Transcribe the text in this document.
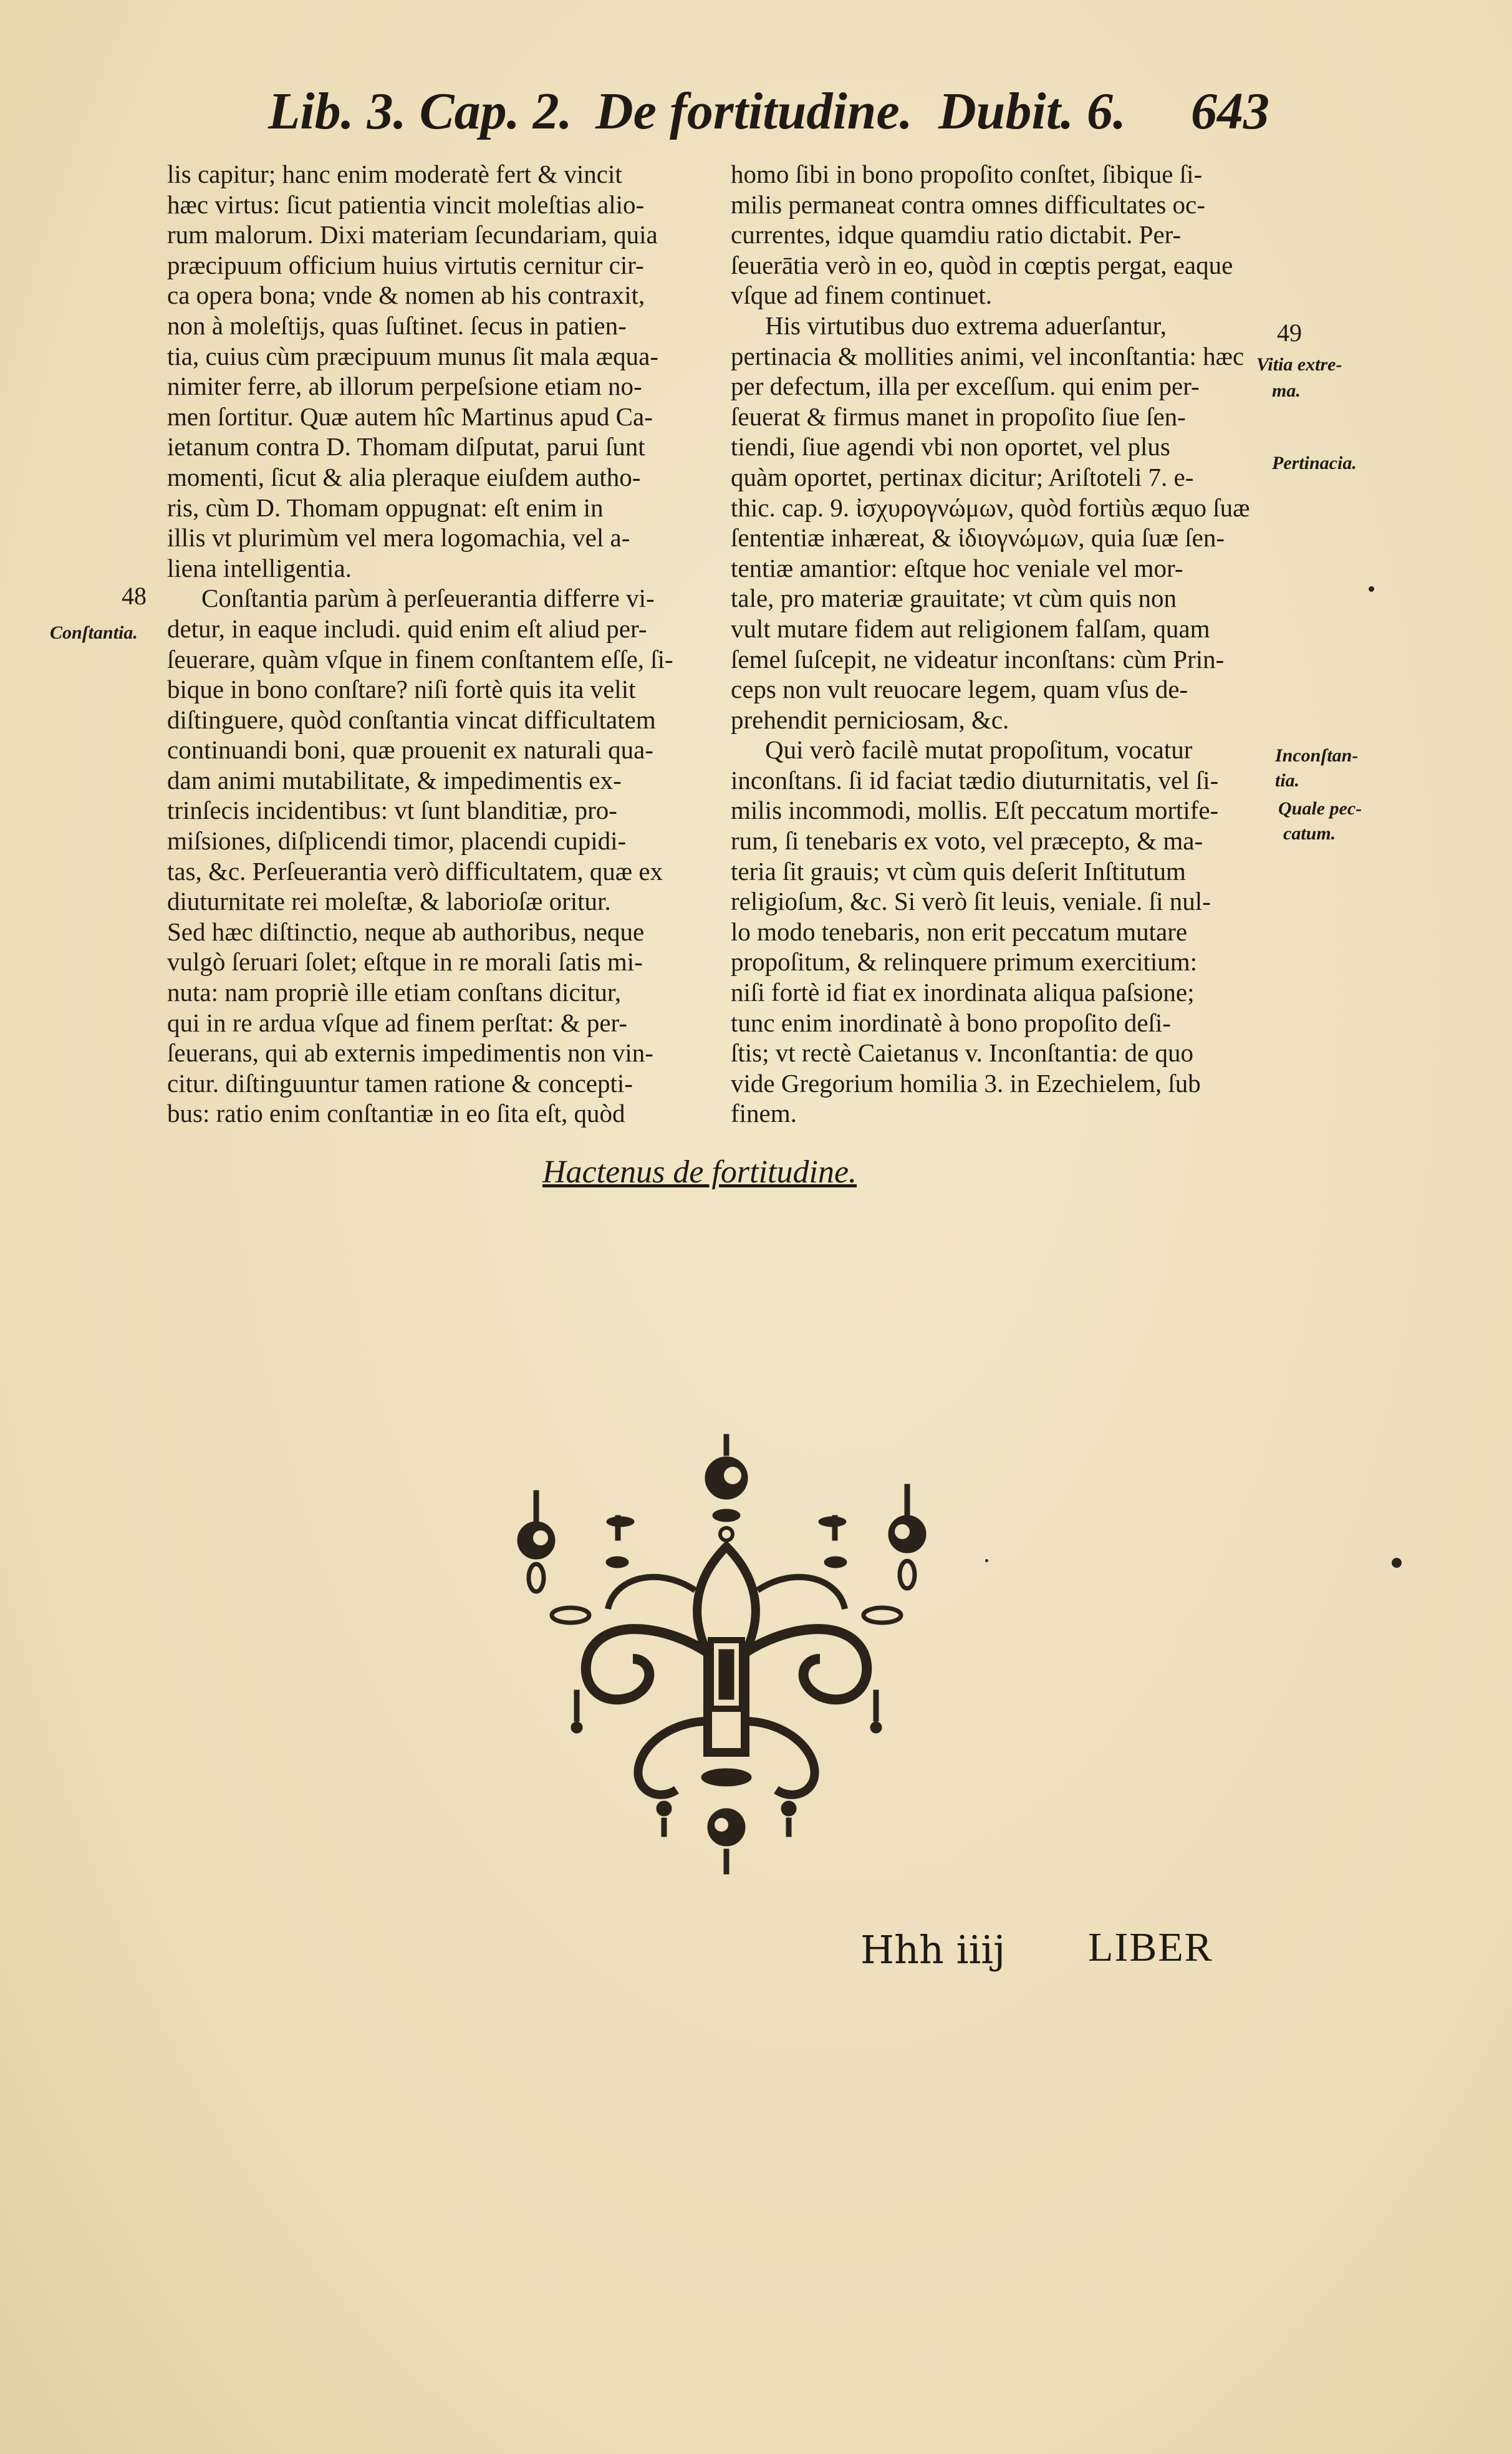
Lib. 3. Cap. 2. De fortitudine. Dubit. 6. 643
lis capitur; hanc enim moderatè fert & vincit
hæc virtus: ſicut patientia vincit moleſtias alio-
rum malorum. Dixi materiam ſecundariam, quia
præcipuum officium huius virtutis cernitur cir-
ca opera bona; vnde & nomen ab his contraxit,
non à moleſtijs, quas ſuſtinet. ſecus in patien-
tia, cuius cùm præcipuum munus ſit mala æqua-
nimiter ferre, ab illorum perpeſsione etiam no-
men ſortitur. Quæ autem hîc Martinus apud Ca-
ietanum contra D. Thomam diſputat, parui ſunt
momenti, ſicut & alia pleraque eiuſdem autho-
ris, cùm D. Thomam oppugnat: eſt enim in
illis vt plurimùm vel mera logomachia, vel a-
liena intelligentia.
Conſtantia parùm à perſeuerantia differre vi-
detur, in eaque includi. quid enim eſt aliud per-
ſeuerare, quàm vſque in finem conſtantem eſſe, ſi-
bique in bono conſtare? niſi fortè quis ita velit
diſtinguere, quòd conſtantia vincat difficultatem
continuandi boni, quæ prouenit ex naturali qua-
dam animi mutabilitate, & impedimentis ex-
trinſecis incidentibus: vt ſunt blanditiæ, pro-
miſsiones, diſplicendi timor, placendi cupidi-
tas, &c. Perſeuerantia verò difficultatem, quæ ex
diuturnitate rei moleſtæ, & laborioſæ oritur.
Sed hæc diſtinctio, neque ab authoribus, neque
vulgò ſeruari ſolet; eſtque in re morali ſatis mi-
nuta: nam propriè ille etiam conſtans dicitur,
qui in re ardua vſque ad finem perſtat: & per-
ſeuerans, qui ab externis impedimentis non vin-
citur. diſtinguuntur tamen ratione & concepti-
bus: ratio enim conſtantiæ in eo ſita eſt, quòd
homo ſibi in bono propoſito conſtet, ſibique ſi-
milis permaneat contra omnes difficultates oc-
currentes, idque quamdiu ratio dictabit. Per-
ſeuerātia verò in eo, quòd in cœptis pergat, eaque
vſque ad finem continuet.
His virtutibus duo extrema aduerſantur,
pertinacia & mollities animi, vel inconſtantia: hæc
per defectum, illa per exceſſum. qui enim per-
ſeuerat & firmus manet in propoſito ſiue ſen-
tiendi, ſiue agendi vbi non oportet, vel plus
quàm oportet, pertinax dicitur; Ariſtoteli 7. e-
thic. cap. 9. ἰσχυρογνώμων, quòd fortiùs æquo ſuæ
ſententiæ inhæreat, & ἰδιογνώμων, quia ſuæ ſen-
tentiæ amantior: eſtque hoc veniale vel mor-
tale, pro materiæ grauitate; vt cùm quis non
vult mutare fidem aut religionem falſam, quam
ſemel ſuſcepit, ne videatur inconſtans: cùm Prin-
ceps non vult reuocare legem, quam vſus de-
prehendit perniciosam, &c.
Qui verò facilè mutat propoſitum, vocatur
inconſtans. ſi id faciat tædio diuturnitatis, vel ſi-
milis incommodi, mollis. Eſt peccatum mortife-
rum, ſi tenebaris ex voto, vel præcepto, & ma-
teria ſit grauis; vt cùm quis deſerit Inſtitutum
religioſum, &c. Si verò ſit leuis, veniale. ſi nul-
lo modo tenebaris, non erit peccatum mutare
propoſitum, & relinquere primum exercitium:
niſi fortè id fiat ex inordinata aliqua paſsione;
tunc enim inordinatè à bono propoſito deſi-
ſtis; vt rectè Caietanus v. Inconſtantia: de quo
vide Gregorium homilia 3. in Ezechielem, ſub
finem.
48
Conſtantia.
49
Vitia extre-
ma.
Pertinacia.
Inconſtan-
tia.
Quale pec-
catum.
Hactenus de fortitudine.
Hhh iiij LIBER
